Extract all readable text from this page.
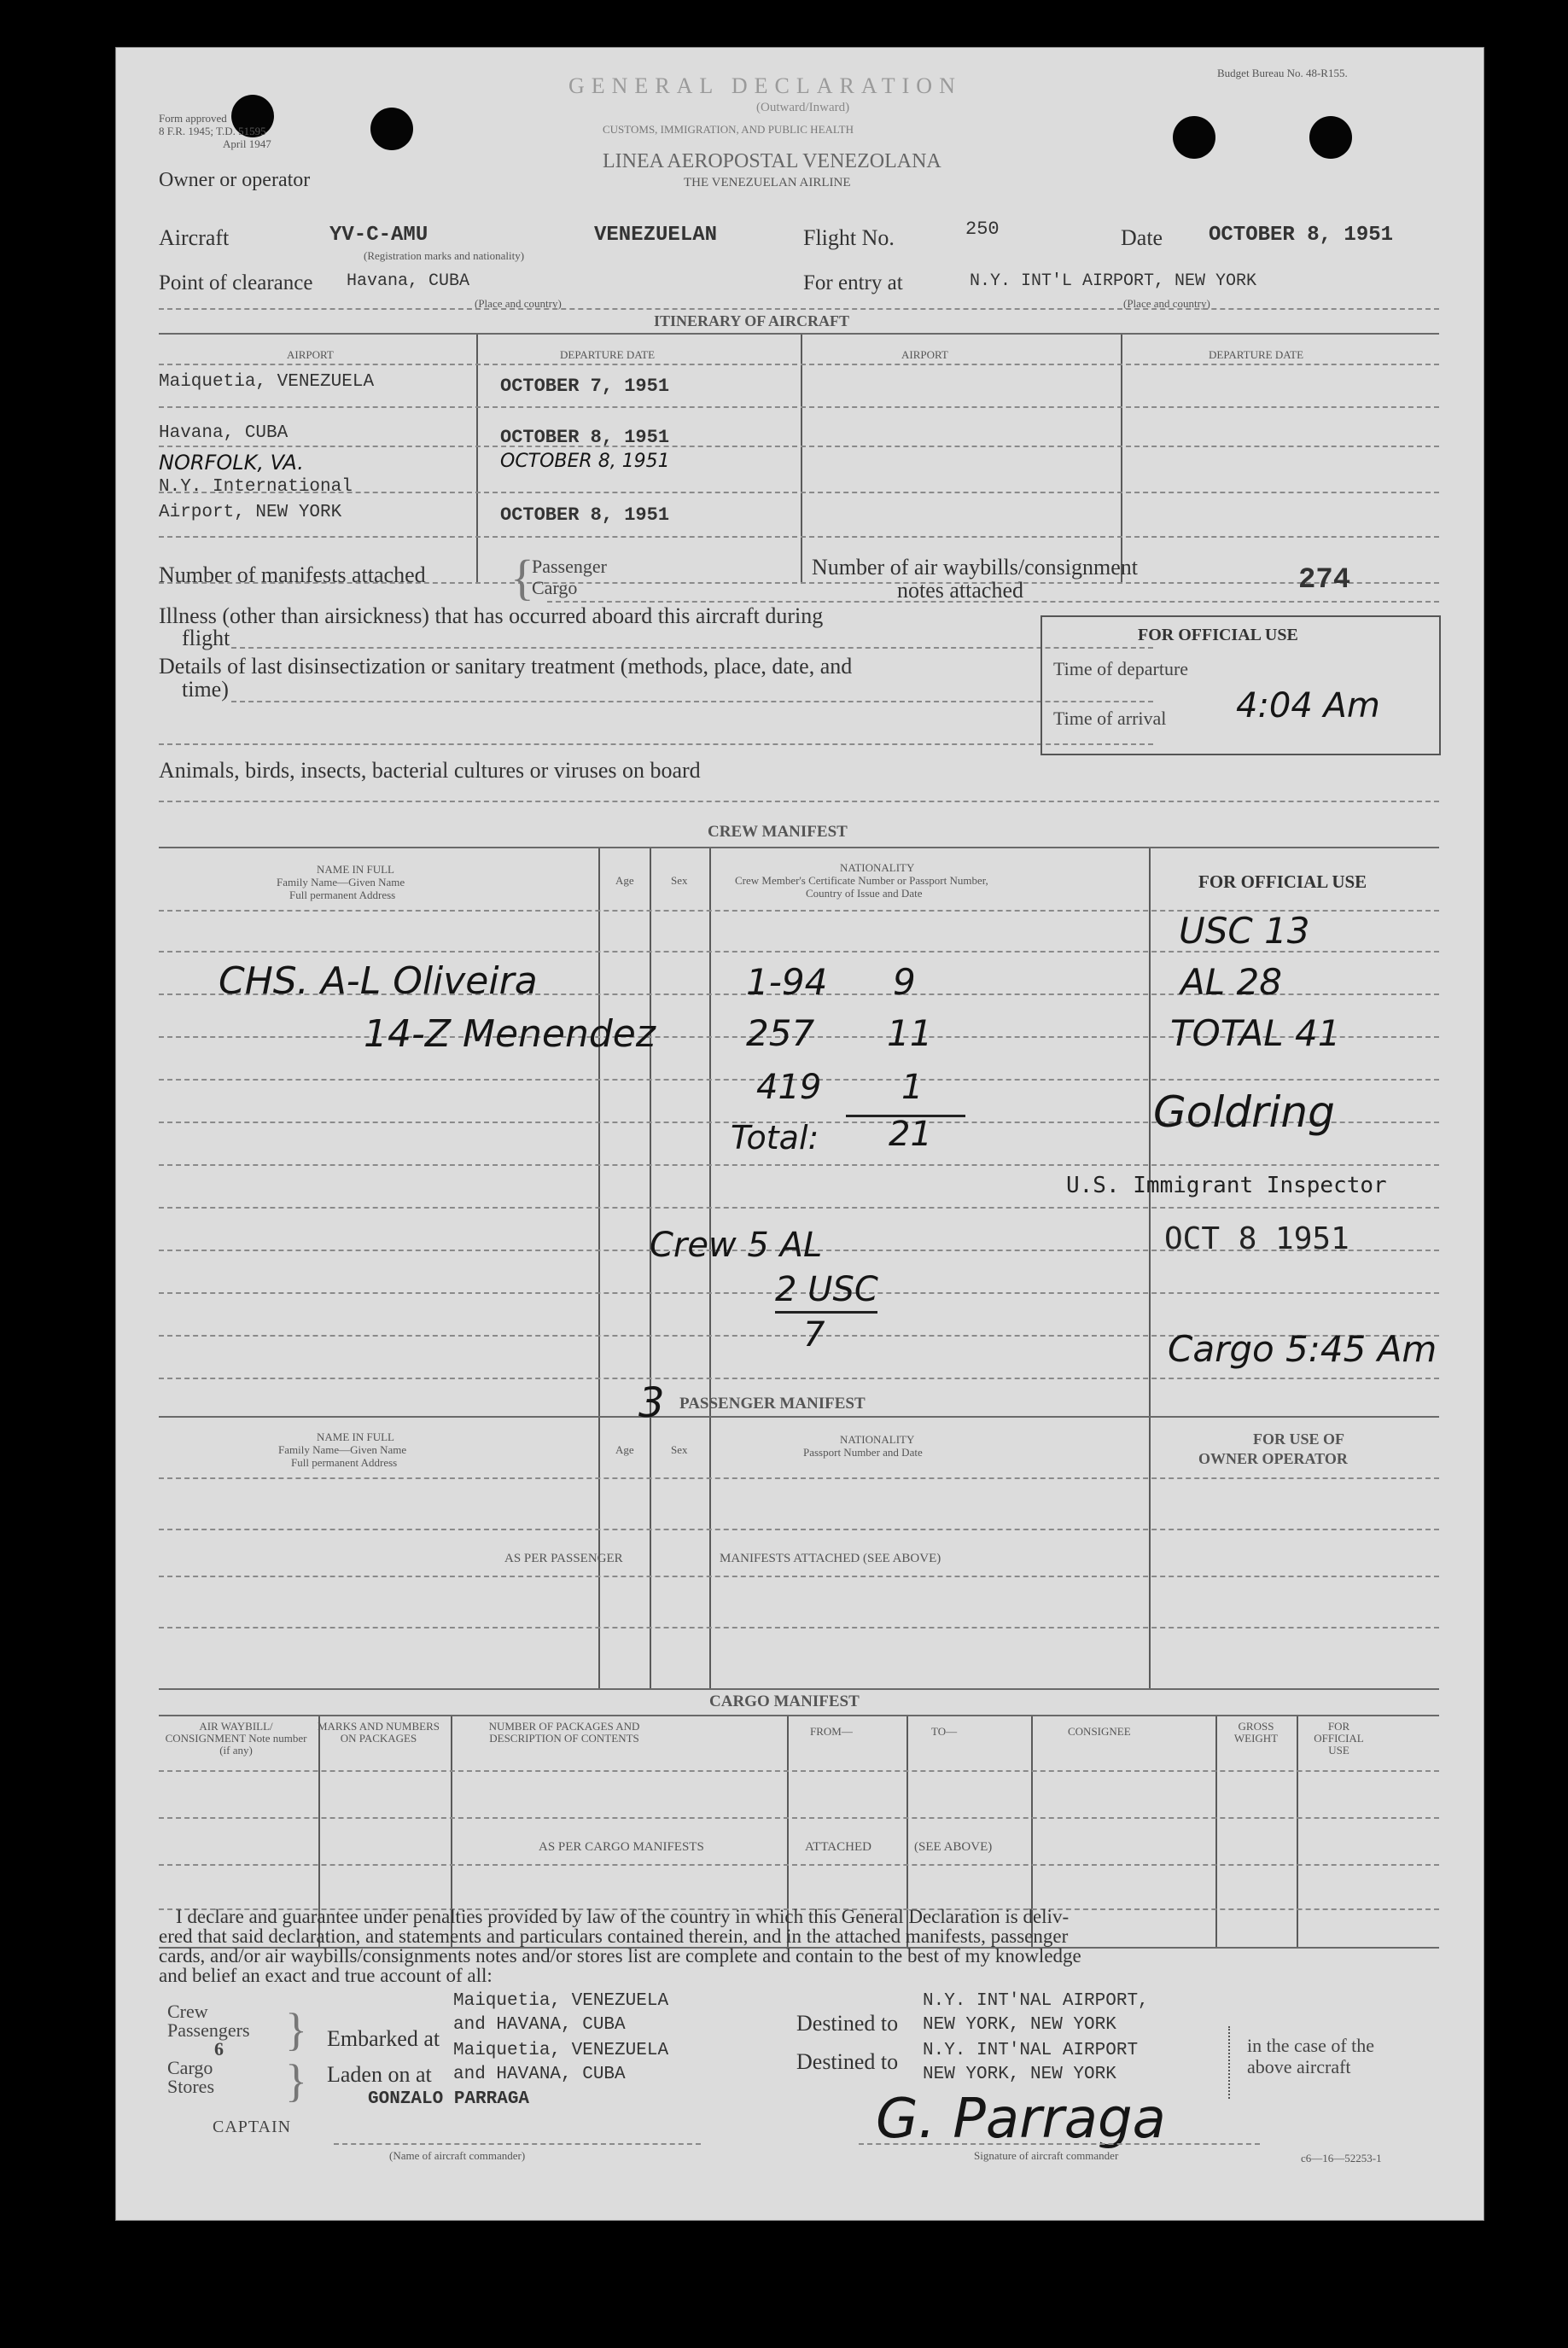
Budget Bureau No. 48-R155.
Form approved
8 F.R. 1945; T.D. 51595
April 1947
GENERAL DECLARATION
(Outward/Inward)
CUSTOMS, IMMIGRATION, AND PUBLIC HEALTH
LINEA AEROPOSTAL VENEZOLANA
THE VENEZUELAN AIRLINE
Owner or operator
Aircraft	YV-C-AMU
(Registration marks and nationality)
VENEZUELAN	Flight No.	250	Date OCTOBER 8, 1951
Point of clearance Havana, CUBA
(Place and country)
For entry at	N.Y. INT'L AIRPORT, NEW YORK
(Place and country)
ITINERARY OF AIRCRAFT
AIRPORT	DEPARTURE DATE	AIRPORT	DEPARTURE DATE
Maiquetia, VENEZUELA	OCTOBER 7, 1951
Havana, CUBA	OCTOBER 8, 1951
NORFOLK, VA.	OCTOBER 8, 1951
N.Y. International
Airport, NEW YORK	OCTOBER 8, 1951
Number of manifests attached {
Passenger
Cargo
Number of air waybills/consignment
notes attached	274
Illness (other than airsickness) that has occurred aboard this aircraft during
flight
Details of last disinsectization or sanitary treatment (methods, place, date, and
time)
FOR OFFICIAL USE
Time of departure
Time of arrival 4:04 Am
Animals, birds, insects, bacterial cultures or viruses on board
CREW MANIFEST
NAME IN FULL
Family Name—Given Name
Full permanent Address
Age	Sex
NATIONALITY
Crew Member's Certificate Number or Passport Number,
Country of Issue and Date
FOR OFFICIAL USE
CHS. A-L Oliveira
14-Z Menendez
1-94 9
257 11
419 1
Total: 21
USC 13
AL 28
TOTAL 41
Goldring
U.S. Immigrant Inspector
OCT 8 1951
Crew 5 AL
2 USC
7	Cargo 5:45 Am
3 PASSENGER MANIFEST
NAME IN FULL
Family Name—Given Name
Full permanent Address
Age	Sex
NATIONALITY
Passport Number and Date
FOR USE OF
OWNER OPERATOR
AS PER PASSENGER	MANIFESTS ATTACHED (SEE ABOVE)
CARGO MANIFEST
AIR WAYBILL/ CONSIGNMENT Note number (if any)
MARKS AND NUMBERS ON PACKAGES
NUMBER OF PACKAGES AND DESCRIPTION OF CONTENTS
FROM—	TO—	CONSIGNEE	GROSS WEIGHT
FOR OFFICIAL USE
AS PER CARGO MANIFESTS	ATTACHED	(SEE ABOVE)
I declare and guarantee under penalties provided by law of the country in which this General Declaration is deliv-
ered that said declaration, and statements and particulars contained therein, and in the attached manifests, passenger
cards, and/or air waybills/consignments notes and/or stores list are complete and contain to the best of my knowledge
and belief an exact and true account of all:
Crew
Passengers
6
Cargo
Stores
}
}
Embarked at
Maiquetia, VENEZUELA
and HAVANA, CUBA
Laden on at
Maiquetia, VENEZUELA
and HAVANA, CUBA
Destined to
Destined to
N.Y. INT'NAL AIRPORT,
NEW YORK, NEW YORK
N.Y. INT'NAL AIRPORT
NEW YORK, NEW YORK
in the case of the
above aircraft
GONZALO PARRAGA
CAPTAIN
(Name of aircraft commander)
G. Parraga
Signature of aircraft commander	c6—16—52253-1
